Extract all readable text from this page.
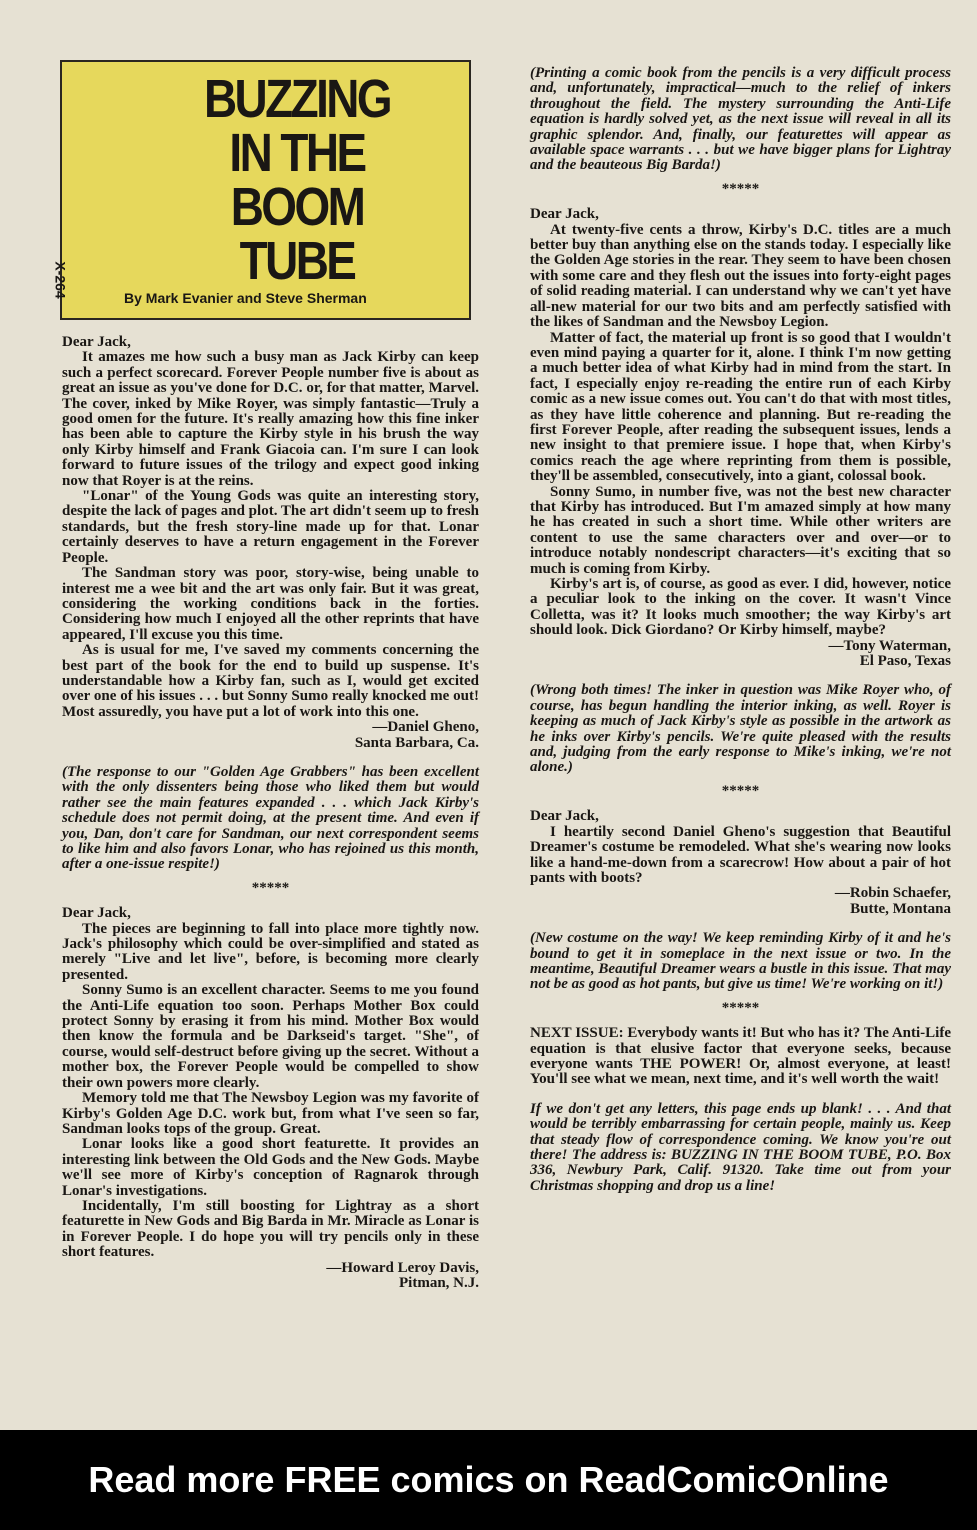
BUZZING IN THE BOOM TUBE
X-264	By Mark Evanier and Steve Sherman

Dear Jack,

It amazes me how such a busy man as Jack Kirby can keep such a perfect scorecard. Forever People number five is about as great an issue as you've done for D.C. or, for that matter, Marvel. The cover, inked by Mike Royer, was simply fantastic—Truly a good omen for the future. It's really amazing how this fine inker has been able to capture the Kirby style in his brush the way only Kirby himself and Frank Giacoia can. I'm sure I can look forward to future issues of the trilogy and expect good inking now that Royer is at the reins.

"Lonar" of the Young Gods was quite an interesting story, despite the lack of pages and plot. The art didn't seem up to fresh standards, but the fresh story-line made up for that. Lonar certainly deserves to have a return engagement in the Forever People.

The Sandman story was poor, story-wise, being unable to interest me a wee bit and the art was only fair. But it was great, considering the working conditions back in the forties. Considering how much I enjoyed all the other reprints that have appeared, I'll excuse you this time.

As is usual for me, I've saved my comments concerning the best part of the book for the end to build up suspense. It's understandable how a Kirby fan, such as I, would get excited over one of his issues . . . but Sonny Sumo really knocked me out! Most assuredly, you have put a lot of work into this one.

—Daniel Gheno,

Santa Barbara, Ca.

(The response to our "Golden Age Grabbers" has been excellent with the only dissenters being those who liked them but would rather see the main features expanded . . . which Jack Kirby's schedule does not permit doing, at the present time. And even if you, Dan, don't care for Sandman, our next correspondent seems to like him and also favors Lonar, who has rejoined us this month, after a one-issue respite!)

*****

Dear Jack,

The pieces are beginning to fall into place more tightly now. Jack's philosophy which could be over-simplified and stated as merely "Live and let live", before, is becoming more clearly presented.

Sonny Sumo is an excellent character. Seems to me you found the Anti-Life equation too soon. Perhaps Mother Box could protect Sonny by erasing it from his mind. Mother Box would then know the formula and be Darkseid's target. "She", of course, would self-destruct before giving up the secret. Without a mother box, the Forever People would be compelled to show their own powers more clearly.

Memory told me that The Newsboy Legion was my favorite of Kirby's Golden Age D.C. work but, from what I've seen so far, Sandman looks tops of the group. Great.

Lonar looks like a good short featurette. It provides an interesting link between the Old Gods and the New Gods. Maybe we'll see more of Kirby's conception of Ragnarok through Lonar's investigations.

Incidentally, I'm still boosting for Lightray as a short featurette in New Gods and Big Barda in Mr. Miracle as Lonar is in Forever People. I do hope you will try pencils only in these short features.

—Howard Leroy Davis,

Pitman, N.J.

(Printing a comic book from the pencils is a very difficult process and, unfortunately, impractical—much to the relief of inkers throughout the field. The mystery surrounding the Anti-Life equation is hardly solved yet, as the next issue will reveal in all its graphic splendor. And, finally, our featurettes will appear as available space warrants . . . but we have bigger plans for Lightray and the beauteous Big Barda!)

*****

Dear Jack,

At twenty-five cents a throw, Kirby's D.C. titles are a much better buy than anything else on the stands today. I especially like the Golden Age stories in the rear. They seem to have been chosen with some care and they flesh out the issues into forty-eight pages of solid reading material. I can understand why we can't yet have all-new material for our two bits and am perfectly satisfied with the likes of Sandman and the Newsboy Legion.

Matter of fact, the material up front is so good that I wouldn't even mind paying a quarter for it, alone. I think I'm now getting a much better idea of what Kirby had in mind from the start. In fact, I especially enjoy re-reading the entire run of each Kirby comic as a new issue comes out. You can't do that with most titles, as they have little coherence and planning. But re-reading the first Forever People, after reading the subsequent issues, lends a new insight to that premiere issue. I hope that, when Kirby's comics reach the age where reprinting from them is possible, they'll be assembled, consecutively, into a giant, colossal book.

Sonny Sumo, in number five, was not the best new character that Kirby has introduced. But I'm amazed simply at how many he has created in such a short time. While other writers are content to use the same characters over and over—or to introduce notably nondescript characters—it's exciting that so much is coming from Kirby.

Kirby's art is, of course, as good as ever. I did, however, notice a peculiar look to the inking on the cover. It wasn't Vince Colletta, was it? It looks much smoother; the way Kirby's art should look. Dick Giordano? Or Kirby himself, maybe?

—Tony Waterman,

El Paso, Texas

(Wrong both times! The inker in question was Mike Royer who, of course, has begun handling the interior inking, as well. Royer is keeping as much of Jack Kirby's style as possible in the artwork as he inks over Kirby's pencils. We're quite pleased with the results and, judging from the early response to Mike's inking, we're not alone.)

*****

Dear Jack,

I heartily second Daniel Gheno's suggestion that Beautiful Dreamer's costume be remodeled. What she's wearing now looks like a hand-me-down from a scarecrow! How about a pair of hot pants with boots?

—Robin Schaefer,

Butte, Montana

(New costume on the way! We keep reminding Kirby of it and he's bound to get it in someplace in the next issue or two. In the meantime, Beautiful Dreamer wears a bustle in this issue. That may not be as good as hot pants, but give us time! We're working on it!)

*****

NEXT ISSUE: Everybody wants it! But who has it? The Anti-Life equation is that elusive factor that everyone seeks, because everyone wants THE POWER! Or, almost everyone, at least! You'll see what we mean, next time, and it's well worth the wait!

If we don't get any letters, this page ends up blank! . . . And that would be terribly embarrassing for certain people, mainly us. Keep that steady flow of correspondence coming. We know you're out there! The address is: BUZZING IN THE BOOM TUBE, P.O. Box 336, Newbury Park, Calif. 91320. Take time out from your Christmas shopping and drop us a line!

Read more FREE comics on ReadComicOnline
